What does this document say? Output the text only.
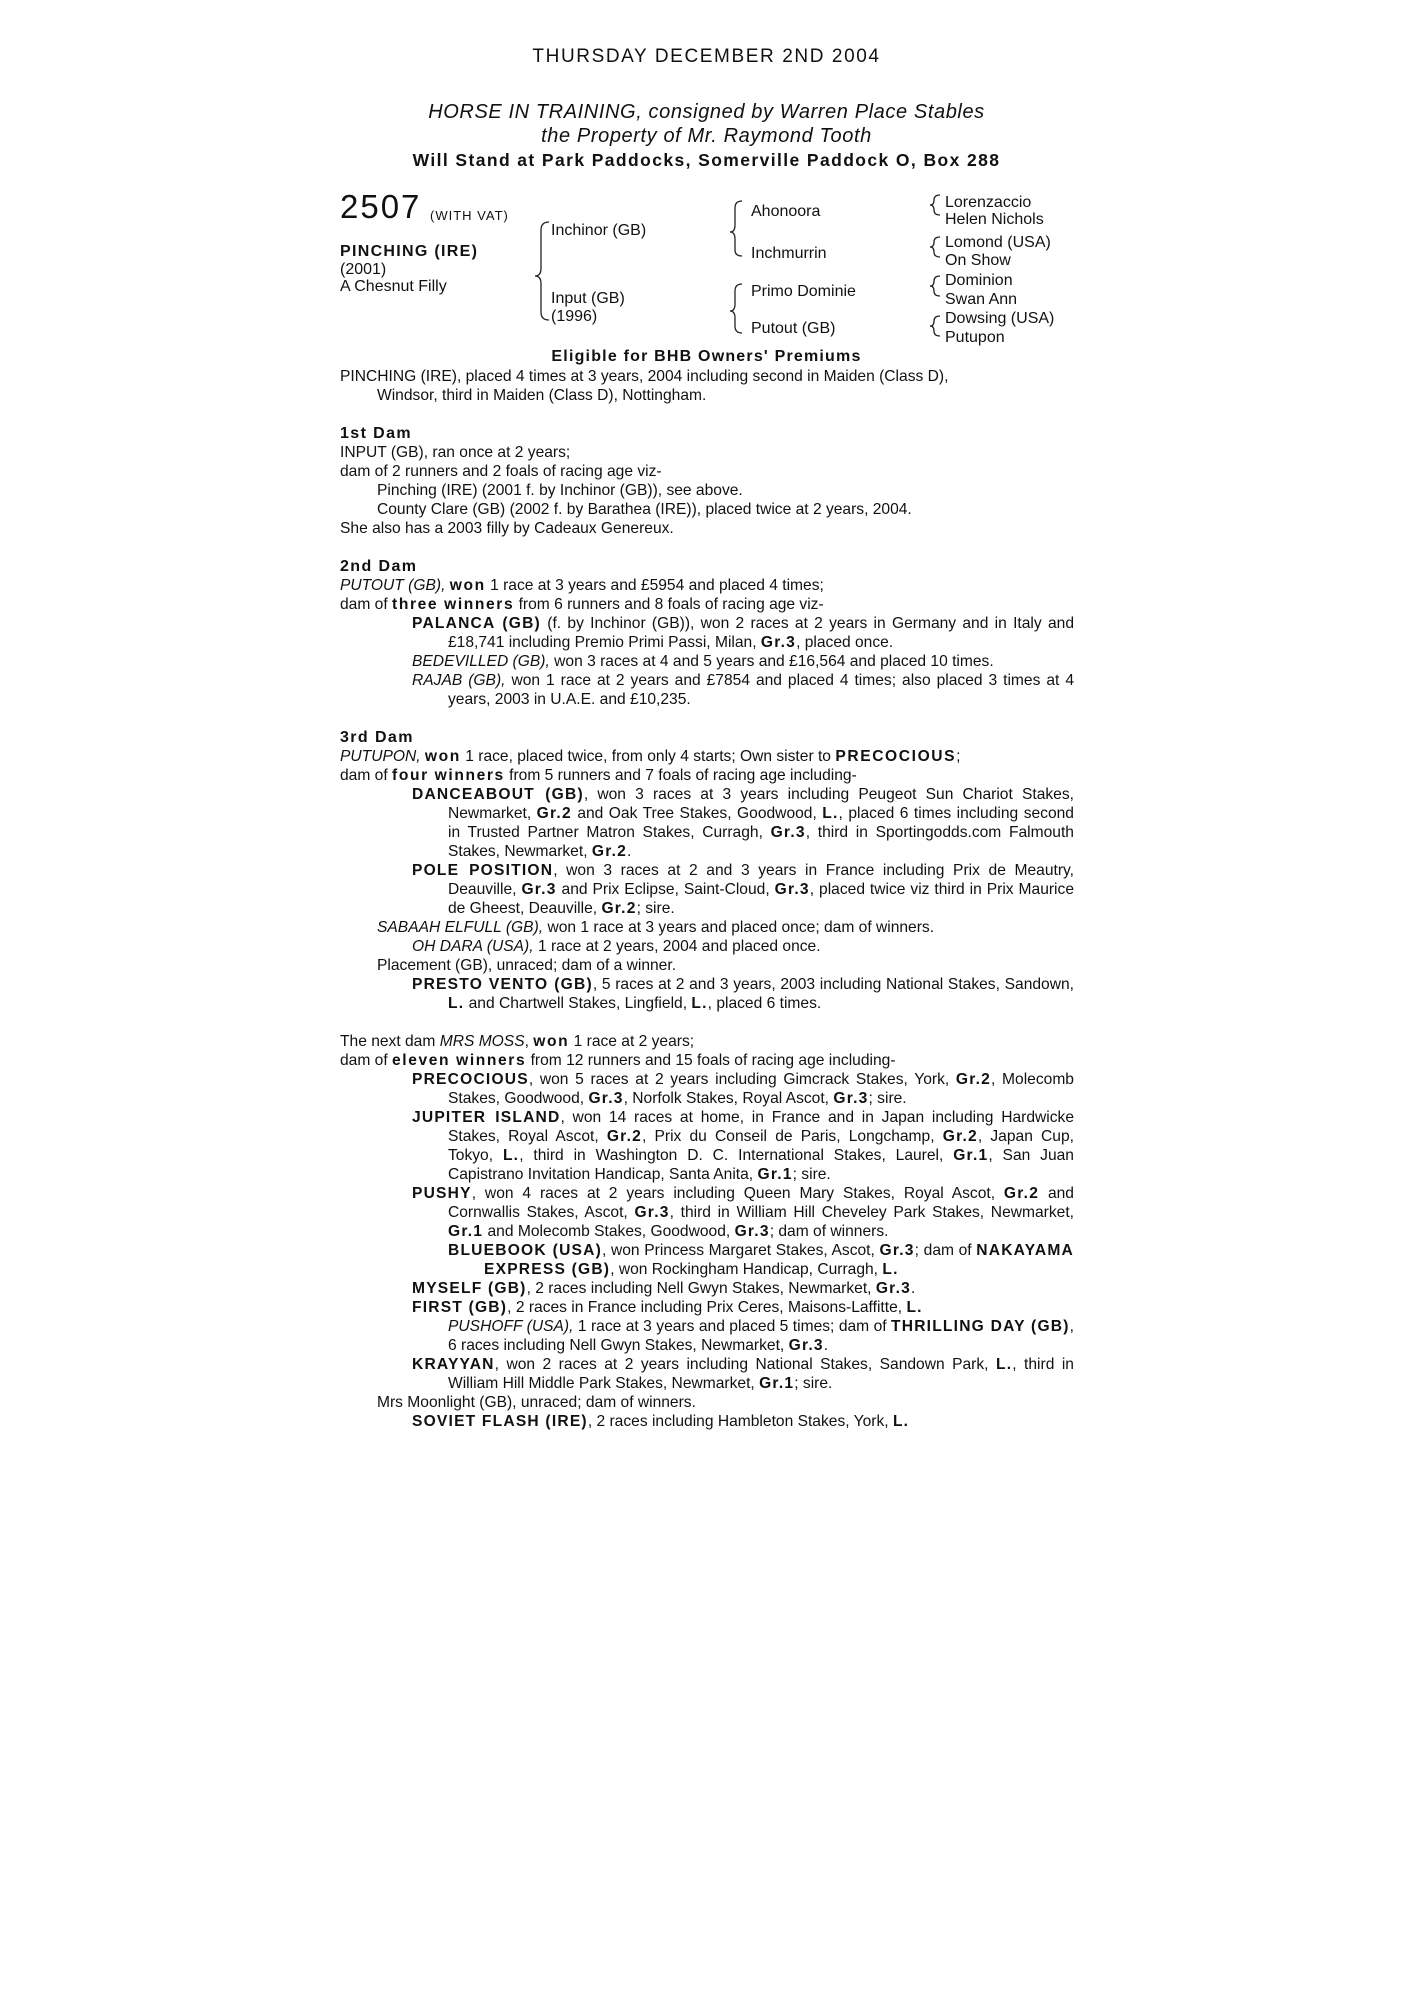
THURSDAY DECEMBER 2ND 2004
HORSE IN TRAINING, consigned by Warren Place Stables
the Property of Mr. Raymond Tooth
Will Stand at Park Paddocks, Somerville Paddock O, Box 288
2507 (WITH VAT)
PINCHING (IRE)
(2001)
A Chesnut Filly
Inchinor (GB)
Input (GB)
(1996)
Ahonoora
Inchmurrin
Primo Dominie
Putout (GB)
Lorenzaccio
Helen Nichols
Lomond (USA)
On Show
Dominion
Swan Ann
Dowsing (USA)
Putupon
Eligible for BHB Owners' Premiums
PINCHING (IRE), placed 4 times at 3 years, 2004 including second in Maiden (Class D),
Windsor, third in Maiden (Class D), Nottingham.
1st Dam
INPUT (GB), ran once at 2 years;
dam of 2 runners and 2 foals of racing age viz-
Pinching (IRE) (2001 f. by Inchinor (GB)), see above.
County Clare (GB) (2002 f. by Barathea (IRE)), placed twice at 2 years, 2004.
She also has a 2003 filly by Cadeaux Genereux.
2nd Dam
PUTOUT (GB), won 1 race at 3 years and £5954 and placed 4 times;
dam of three winners from 6 runners and 8 foals of racing age viz-
PALANCA (GB) (f. by Inchinor (GB)), won 2 races at 2 years in Germany and in Italy and £18,741 including Premio Primi Passi, Milan, Gr.3, placed once.
BEDEVILLED (GB), won 3 races at 4 and 5 years and £16,564 and placed 10 times.
RAJAB (GB), won 1 race at 2 years and £7854 and placed 4 times; also placed 3 times at 4 years, 2003 in U.A.E. and £10,235.
3rd Dam
PUTUPON, won 1 race, placed twice, from only 4 starts; Own sister to PRECOCIOUS;
dam of four winners from 5 runners and 7 foals of racing age including-
DANCEABOUT (GB), won 3 races at 3 years including Peugeot Sun Chariot Stakes, Newmarket, Gr.2 and Oak Tree Stakes, Goodwood, L., placed 6 times including second in Trusted Partner Matron Stakes, Curragh, Gr.3, third in Sportingodds.com Falmouth Stakes, Newmarket, Gr.2.
POLE POSITION, won 3 races at 2 and 3 years in France including Prix de Meautry, Deauville, Gr.3 and Prix Eclipse, Saint-Cloud, Gr.3, placed twice viz third in Prix Maurice de Gheest, Deauville, Gr.2; sire.
SABAAH ELFULL (GB), won 1 race at 3 years and placed once; dam of winners.
OH DARA (USA), 1 race at 2 years, 2004 and placed once.
Placement (GB), unraced; dam of a winner.
PRESTO VENTO (GB), 5 races at 2 and 3 years, 2003 including National Stakes, Sandown, L. and Chartwell Stakes, Lingfield, L., placed 6 times.
The next dam MRS MOSS, won 1 race at 2 years;
dam of eleven winners from 12 runners and 15 foals of racing age including-
PRECOCIOUS, won 5 races at 2 years including Gimcrack Stakes, York, Gr.2, Molecomb Stakes, Goodwood, Gr.3, Norfolk Stakes, Royal Ascot, Gr.3; sire.
JUPITER ISLAND, won 14 races at home, in France and in Japan including Hardwicke Stakes, Royal Ascot, Gr.2, Prix du Conseil de Paris, Longchamp, Gr.2, Japan Cup, Tokyo, L., third in Washington D. C. International Stakes, Laurel, Gr.1, San Juan Capistrano Invitation Handicap, Santa Anita, Gr.1; sire.
PUSHY, won 4 races at 2 years including Queen Mary Stakes, Royal Ascot, Gr.2 and Cornwallis Stakes, Ascot, Gr.3, third in William Hill Cheveley Park Stakes, Newmarket, Gr.1 and Molecomb Stakes, Goodwood, Gr.3; dam of winners.
BLUEBOOK (USA), won Princess Margaret Stakes, Ascot, Gr.3; dam of NAKAYAMA EXPRESS (GB), won Rockingham Handicap, Curragh, L.
MYSELF (GB), 2 races including Nell Gwyn Stakes, Newmarket, Gr.3.
FIRST (GB), 2 races in France including Prix Ceres, Maisons-Laffitte, L.
PUSHOFF (USA), 1 race at 3 years and placed 5 times; dam of THRILLING DAY (GB), 6 races including Nell Gwyn Stakes, Newmarket, Gr.3.
KRAYYAN, won 2 races at 2 years including National Stakes, Sandown Park, L., third in William Hill Middle Park Stakes, Newmarket, Gr.1; sire.
Mrs Moonlight (GB), unraced; dam of winners.
SOVIET FLASH (IRE), 2 races including Hambleton Stakes, York, L.
